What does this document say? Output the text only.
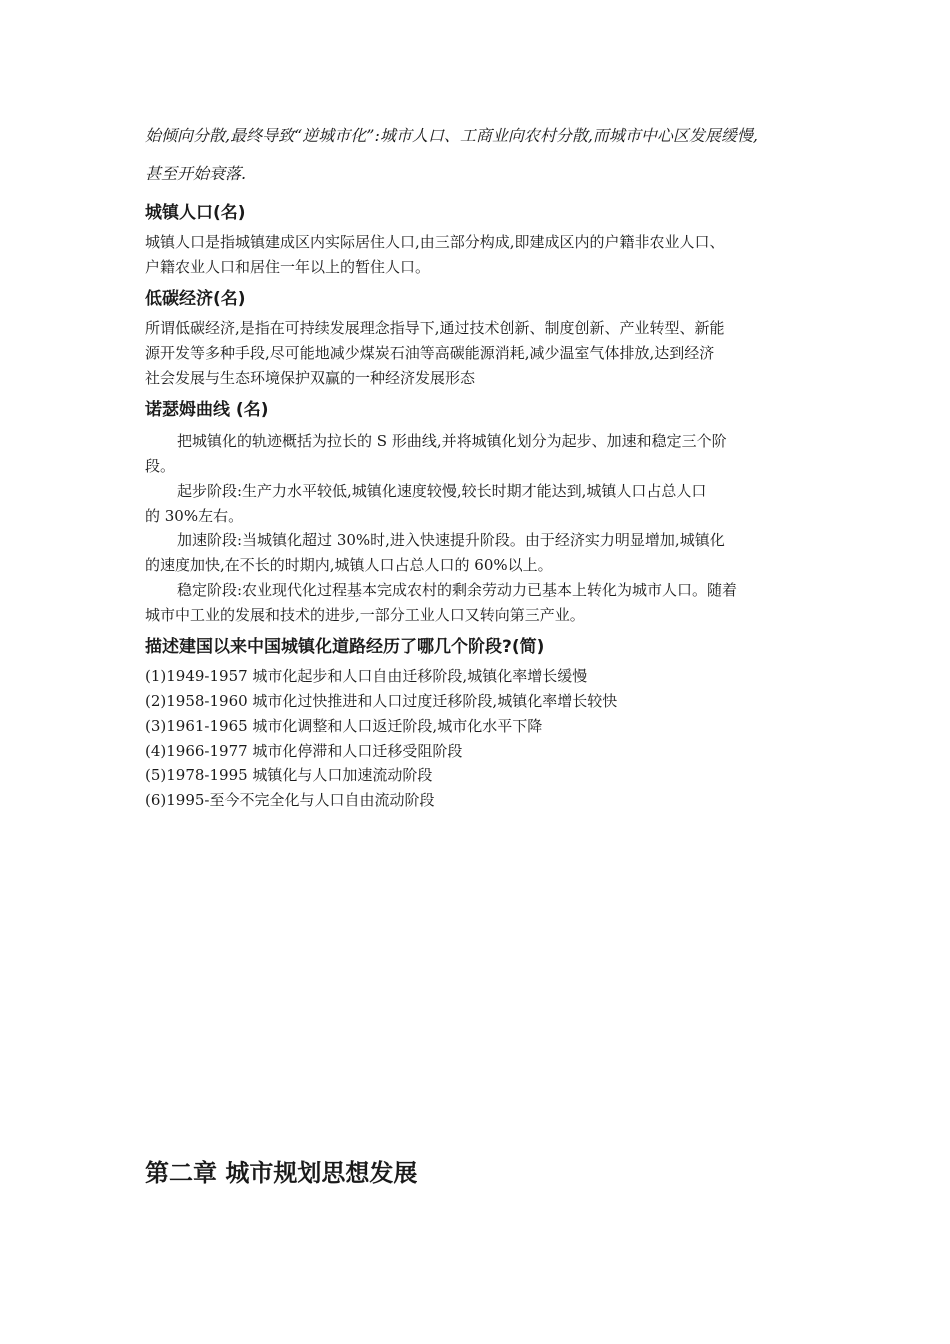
始倾向分散,最终导致“逆城市化”:城市人口、工商业向农村分散,而城市中心区发展缓慢,
甚至开始衰落.
城镇人口(名)
城镇人口是指城镇建成区内实际居住人口,由三部分构成,即建成区内的户籍非农业人口、
户籍农业人口和居住一年以上的暂住人口。
低碳经济(名)
所谓低碳经济,是指在可持续发展理念指导下,通过技术创新、制度创新、产业转型、新能
源开发等多种手段,尽可能地减少煤炭石油等高碳能源消耗,减少温室气体排放,达到经济
社会发展与生态环境保护双赢的一种经济发展形态
诺瑟姆曲线 (名)
把城镇化的轨迹概括为拉长的 S 形曲线,并将城镇化划分为起步、加速和稳定三个阶
段。
起步阶段:生产力水平较低,城镇化速度较慢,较长时期才能达到,城镇人口占总人口
的 30%左右。
加速阶段:当城镇化超过 30%时,进入快速提升阶段。由于经济实力明显增加,城镇化
的速度加快,在不长的时期内,城镇人口占总人口的 60%以上。
稳定阶段:农业现代化过程基本完成农村的剩余劳动力已基本上转化为城市人口。随着
城市中工业的发展和技术的进步,一部分工业人口又转向第三产业。
描述建国以来中国城镇化道路经历了哪几个阶段?(简)
(1)1949-1957 城市化起步和人口自由迁移阶段,城镇化率增长缓慢
(2)1958-1960 城市化过快推进和人口过度迁移阶段,城镇化率增长较快
(3)1961-1965 城市化调整和人口返迁阶段,城市化水平下降
(4)1966-1977 城市化停滞和人口迁移受阻阶段
(5)1978-1995 城镇化与人口加速流动阶段
(6)1995-至今不完全化与人口自由流动阶段
第二章 城市规划思想发展
